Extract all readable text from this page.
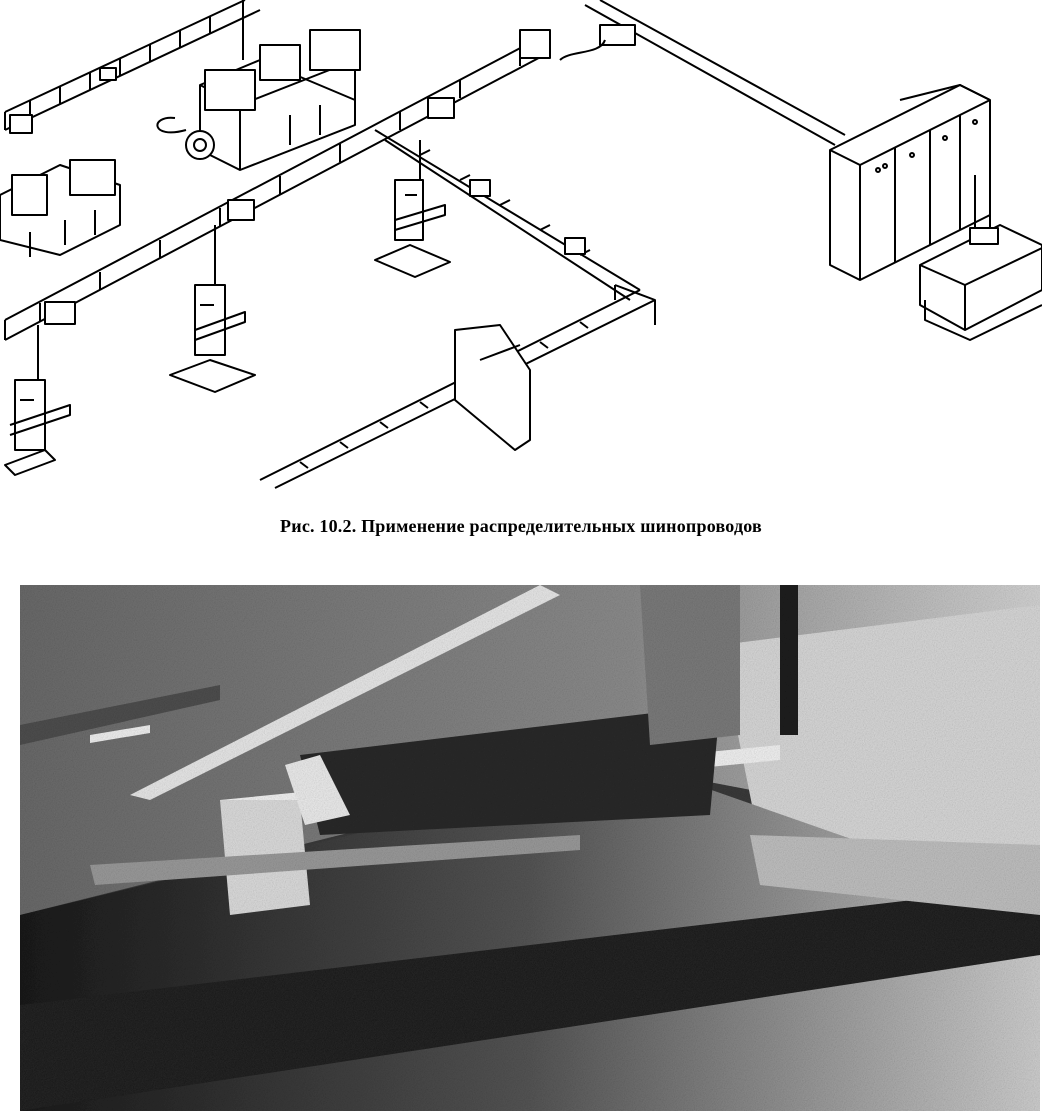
Рис. 10.2. Применение распределительных шинопроводов
